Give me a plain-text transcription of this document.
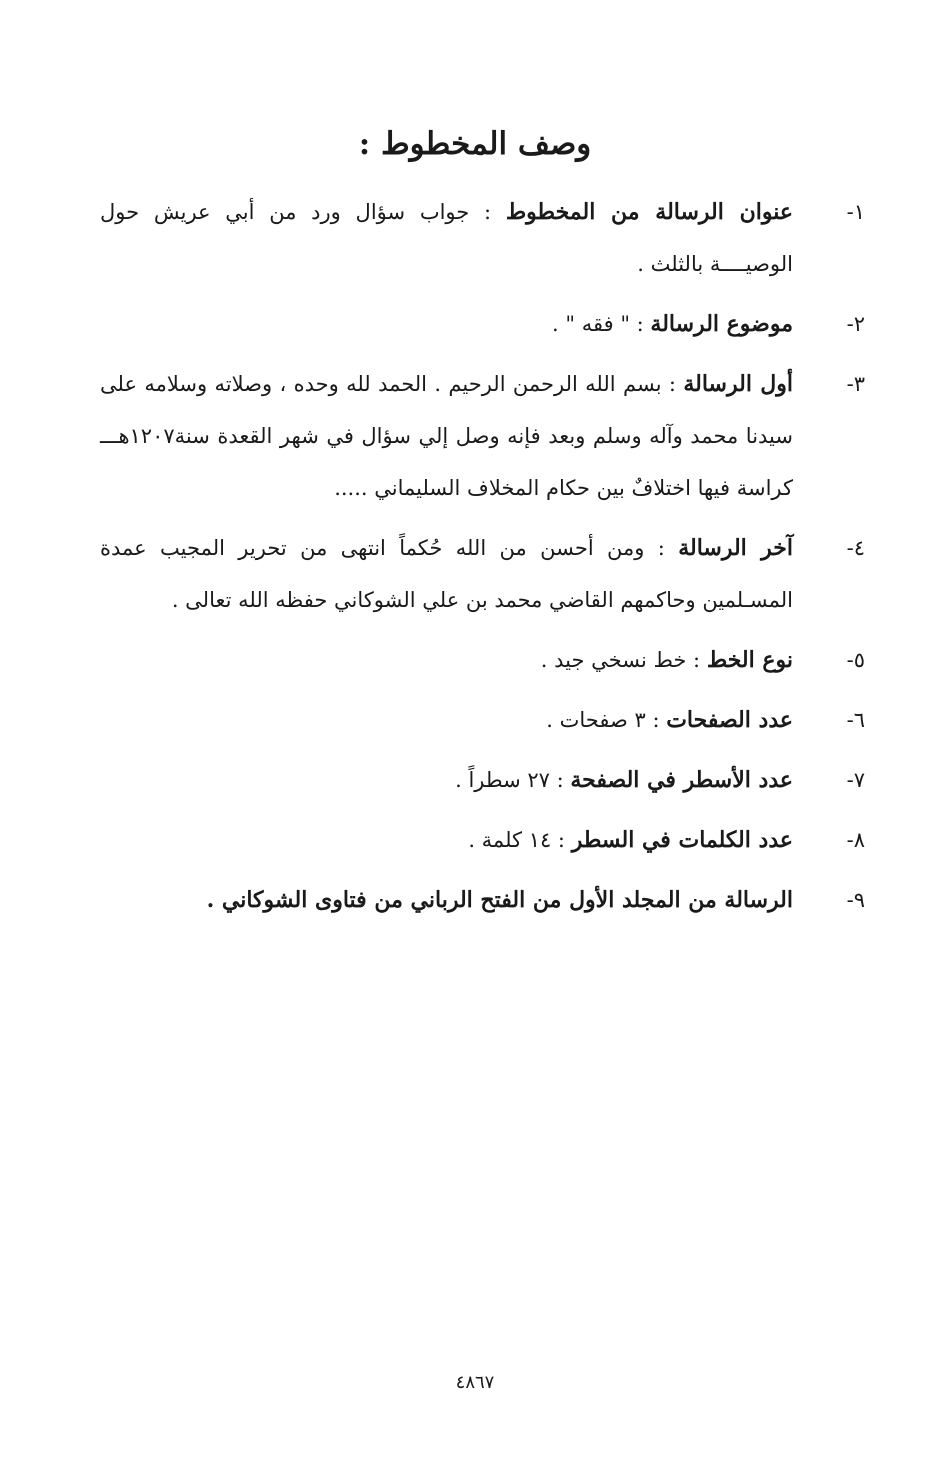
وصف المخطوط :
١-
عنوان الرسالة من المخطوط : جواب سؤال ورد من أبي عريش حول الوصيــــة بالثلث .
٢-
موضوع الرسالة : " فقه " .
٣-
أول الرسالة : بسم الله الرحمن الرحيم . الحمد لله وحده ، وصلاته وسلامه على سيدنا محمد وآله وسلم وبعد فإنه وصل إلي سؤال في شهر القعدة سنة١٢٠٧هـــ كراسة فيها اختلافٌ بين حكام المخلاف السليماني .....
٤-
آخر الرسالة : ومن أحسن من الله حُكماً انتهى من تحرير المجيب عمدة المسـلمين وحاكمهم القاضي محمد بن علي الشوكاني حفظه الله تعالى .
٥-
نوع الخط : خط نسخي جيد .
٦-
عدد الصفحات : ٣ صفحات .
٧-
عدد الأسطر في الصفحة : ٢٧ سطراً .
٨-
عدد الكلمات في السطر : ١٤ كلمة .
٩-
الرسالة من المجلد الأول من الفتح الرباني من فتاوى الشوكاني .
٤٨٦٧
